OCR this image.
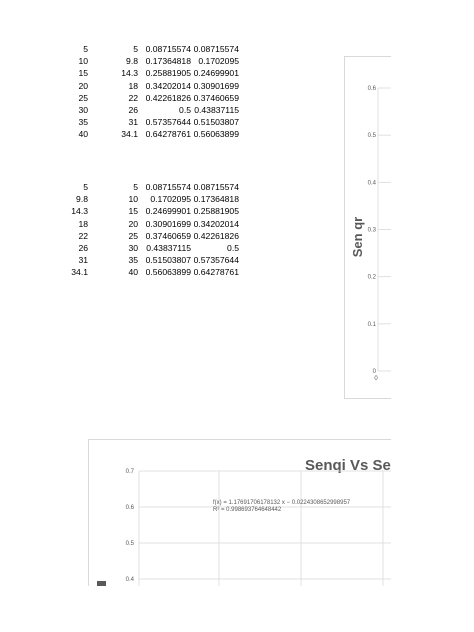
5	5 0.08715574 0.08715574
10	9.8 0.17364818 0.1702095
15	14.3 0.25881905 0.24699901
20	18 0.34202014 0.30901699
25	22 0.42261826 0.37460659
30	26	0.5 0.43837115
35	31 0.57357644 0.51503807
40	34.1 0.64278761 0.56063899
5	5 0.08715574 0.08715574
9.8	10 0.1702095 0.17364818
14.3	15 0.24699901 0.25881905
18	20 0.30901699 0.34202014
22	25 0.37460659 0.42261826
26	30 0.43837115	0.5
31	35 0.51503807 0.57357644
34.1	40 0.56063899 0.64278761
Sen qr
0
0.1
0.2
0.3
0.4
0.5
0.6
0
Senqi Vs Se
0.4
0.5
0.6
0.7
f(x) = 1.17691706178132 x − 0.0224308652998957
R² = 0.998693764648442
